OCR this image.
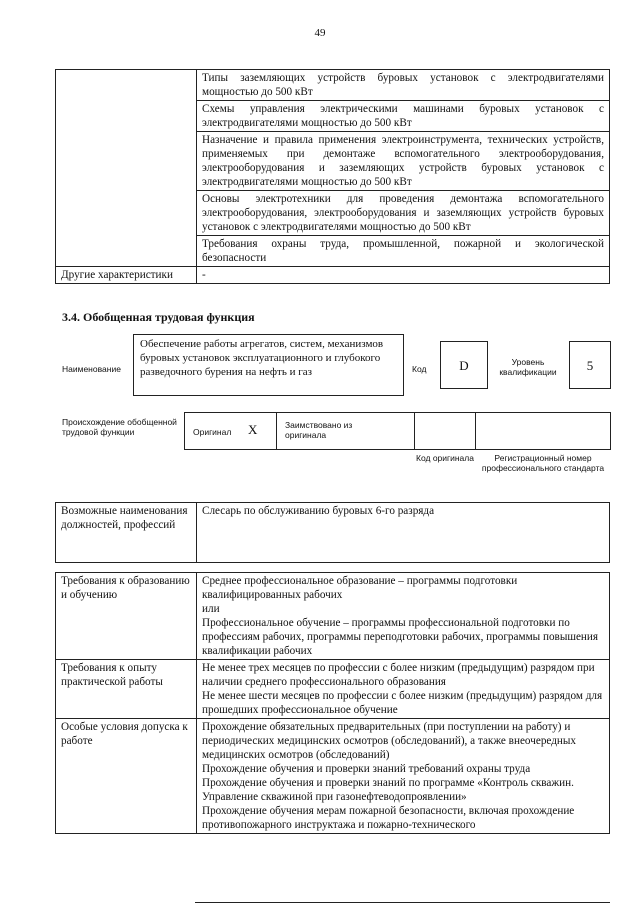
49
	Типы заземляющих устройств буровых установок с электродвигателями мощностью до 500 кВт
	Схемы управления электрическими машинами буровых установок с электродвигателями мощностью до 500 кВт
	Назначение и правила применения электроинструмента, технических устройств, применяемых при демонтаже вспомогательного электрооборудования, электрооборудования и заземляющих устройств буровых установок с электродвигателями мощностью до 500 кВт
	Основы электротехники для проведения демонтажа вспомогательного электрооборудования, электрооборудования и заземляющих устройств буровых установок с электродвигателями мощностью до 500 кВт
	Требования охраны труда, промышленной, пожарной и экологической безопасности
Другие характеристики	-
3.4. Обобщенная трудовая функция
Наименование
Обеспечение работы агрегатов, систем, механизмов буровых установок эксплуатационного и глубокого разведочного бурения на нефть и газ	Код	D	Уровень квалификации	5
Происхождение обобщенной трудовой функции	Оригинал X	Заимствовано из оригинала
Код оригинала	Регистрационный номер профессионального стандарта
Возможные наименования должностей, профессий	Слесарь по обслуживанию буровых 6-го разряда
Требования к образованию и обучению	Среднее профессиональное образование – программы подготовки квалифицированных рабочих
или
Профессиональное обучение – программы профессиональной подготовки по профессиям рабочих, программы переподготовки рабочих, программы повышения квалификации рабочих

Требования к опыту практической работы	Не менее трех месяцев по профессии с более низким (предыдущим) разрядом при наличии среднего профессионального образования
Не менее шести месяцев по профессии с более низким (предыдущим) разрядом для прошедших профессиональное обучение

Особые условия допуска к работе	Прохождение обязательных предварительных (при поступлении на работу) и периодических медицинских осмотров (обследований), а также внеочередных медицинских осмотров (обследований)
Прохождение обучения и проверки знаний требований охраны труда
Прохождение обучения и проверки знаний по программе «Контроль скважин. Управление скважиной при газонефтеводопроявлении»
Прохождение обучения мерам пожарной безопасности, включая прохождение противопожарного инструктажа и пожарно-технического
